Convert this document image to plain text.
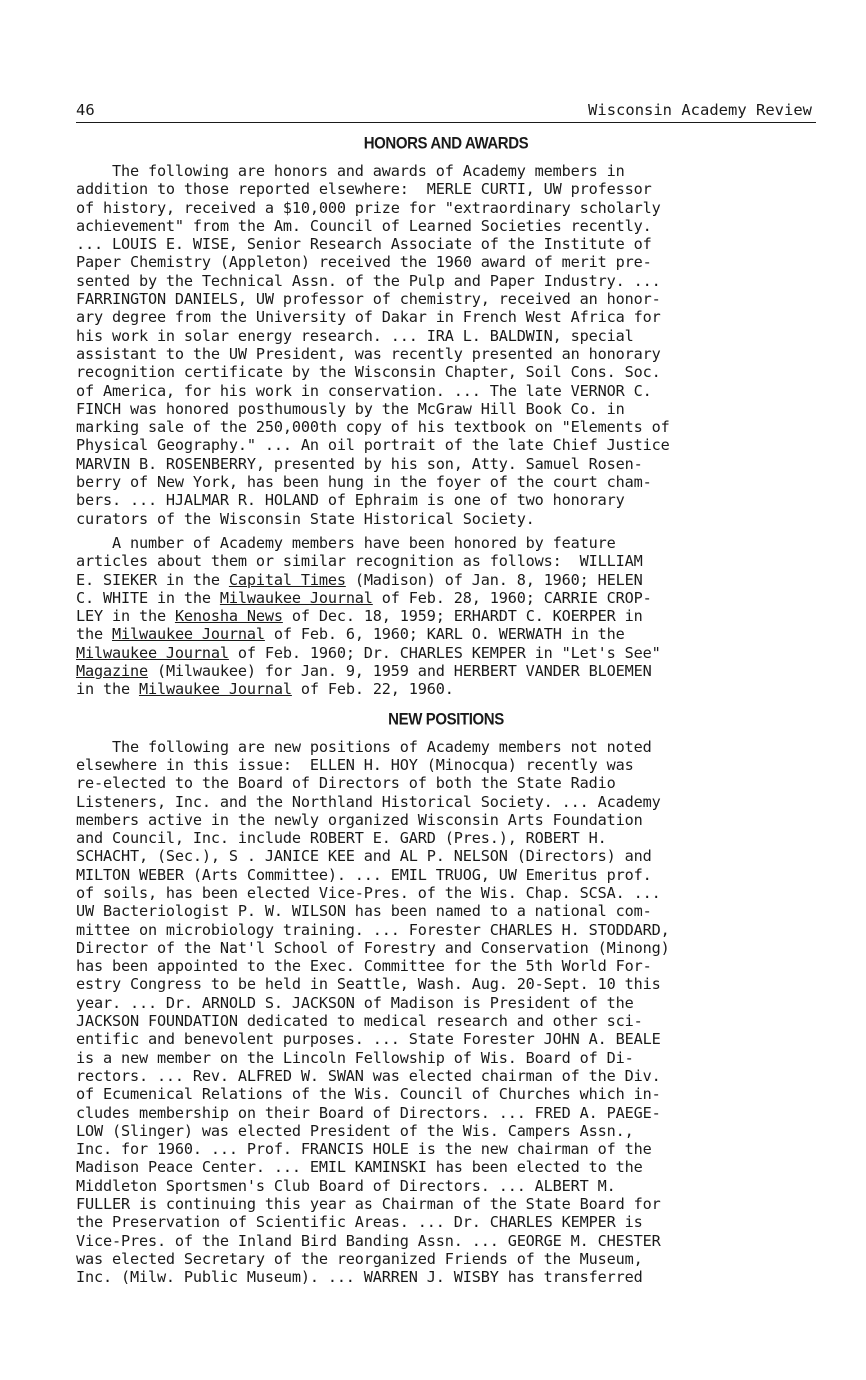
46	Wisconsin Academy Review
HONORS AND AWARDS
The following are honors and awards of Academy members in
addition to those reported elsewhere:  MERLE CURTI, UW professor
of history, received a $10,000 prize for "extraordinary scholarly
achievement" from the Am. Council of Learned Societies recently.
... LOUIS E. WISE, Senior Research Associate of the Institute of
Paper Chemistry (Appleton) received the 1960 award of merit pre-
sented by the Technical Assn. of the Pulp and Paper Industry. ...
FARRINGTON DANIELS, UW professor of chemistry, received an honor-
ary degree from the University of Dakar in French West Africa for
his work in solar energy research. ... IRA L. BALDWIN, special
assistant to the UW President, was recently presented an honorary
recognition certificate by the Wisconsin Chapter, Soil Cons. Soc.
of America, for his work in conservation. ... The late VERNOR C.
FINCH was honored posthumously by the McGraw Hill Book Co. in
marking sale of the 250,000th copy of his textbook on "Elements of
Physical Geography." ... An oil portrait of the late Chief Justice
MARVIN B. ROSENBERRY, presented by his son, Atty. Samuel Rosen-
berry of New York, has been hung in the foyer of the court cham-
bers. ... HJALMAR R. HOLAND of Ephraim is one of two honorary
curators of the Wisconsin State Historical Society.
A number of Academy members have been honored by feature
articles about them or similar recognition as follows:  WILLIAM
E. SIEKER in the Capital Times (Madison) of Jan. 8, 1960; HELEN
C. WHITE in the Milwaukee Journal of Feb. 28, 1960; CARRIE CROP-
LEY in the Kenosha News of Dec. 18, 1959; ERHARDT C. KOERPER in
the Milwaukee Journal of Feb. 6, 1960; KARL O. WERWATH in the
Milwaukee Journal of Feb. 1960; Dr. CHARLES KEMPER in "Let's See"
Magazine (Milwaukee) for Jan. 9, 1959 and HERBERT VANDER BLOEMEN
in the Milwaukee Journal of Feb. 22, 1960.
NEW POSITIONS
The following are new positions of Academy members not noted
elsewhere in this issue:  ELLEN H. HOY (Minocqua) recently was
re-elected to the Board of Directors of both the State Radio
Listeners, Inc. and the Northland Historical Society. ... Academy
members active in the newly organized Wisconsin Arts Foundation
and Council, Inc. include ROBERT E. GARD (Pres.), ROBERT H.
SCHACHT, (Sec.), S . JANICE KEE and AL P. NELSON (Directors) and
MILTON WEBER (Arts Committee). ... EMIL TRUOG, UW Emeritus prof.
of soils, has been elected Vice-Pres. of the Wis. Chap. SCSA. ...
UW Bacteriologist P. W. WILSON has been named to a national com-
mittee on microbiology training. ... Forester CHARLES H. STODDARD,
Director of the Nat'l School of Forestry and Conservation (Minong)
has been appointed to the Exec. Committee for the 5th World For-
estry Congress to be held in Seattle, Wash. Aug. 20-Sept. 10 this
year. ... Dr. ARNOLD S. JACKSON of Madison is President of the
JACKSON FOUNDATION dedicated to medical research and other sci-
entific and benevolent purposes. ... State Forester JOHN A. BEALE
is a new member on the Lincoln Fellowship of Wis. Board of Di-
rectors. ... Rev. ALFRED W. SWAN was elected chairman of the Div.
of Ecumenical Relations of the Wis. Council of Churches which in-
cludes membership on their Board of Directors. ... FRED A. PAEGE-
LOW (Slinger) was elected President of the Wis. Campers Assn.,
Inc. for 1960. ... Prof. FRANCIS HOLE is the new chairman of the
Madison Peace Center. ... EMIL KAMINSKI has been elected to the
Middleton Sportsmen's Club Board of Directors. ... ALBERT M.
FULLER is continuing this year as Chairman of the State Board for
the Preservation of Scientific Areas. ... Dr. CHARLES KEMPER is
Vice-Pres. of the Inland Bird Banding Assn. ... GEORGE M. CHESTER
was elected Secretary of the reorganized Friends of the Museum,
Inc. (Milw. Public Museum). ... WARREN J. WISBY has transferred
